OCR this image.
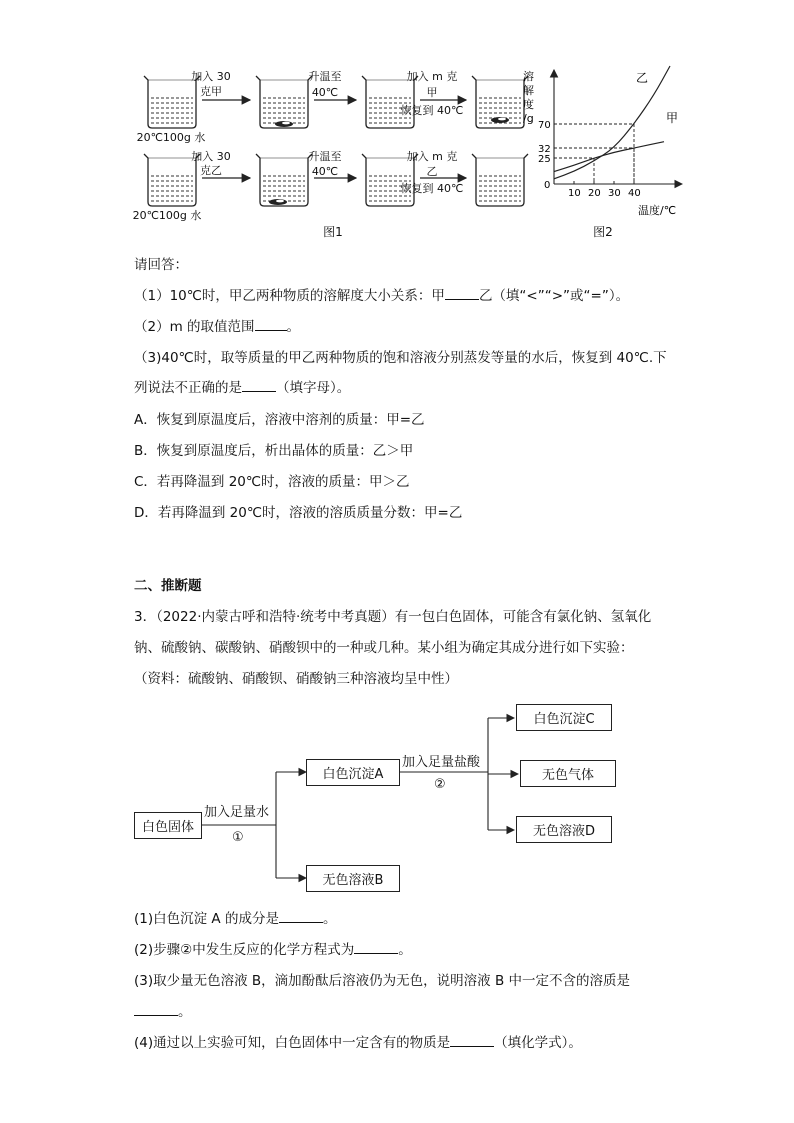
加入 30
克甲
升温至
40℃
加入 m 克
甲
恢复到 40℃
20℃100g 水
加入 30
克乙
升温至
40℃
加入 m 克
乙
恢复到 40℃
20℃100g 水
图1
0
10 20 30 40
25
32
70
乙
甲
溶
解
度
/g
温度/℃
图2
请回答：
（1）10℃时，甲乙两种物质的溶解度大小关系：甲	乙（填“<”“>”或“=”）。
（2）m 的取值范围 。
（3)40℃时，取等质量的甲乙两种物质的饱和溶液分别蒸发等量的水后，恢复到 40℃.下
列说法不正确的是	（填字母）。
A．恢复到原温度后，溶液中溶剂的质量：甲=乙
B．恢复到原温度后，析出晶体的质量：乙＞甲
C．若再降温到 20℃时，溶液的质量：甲＞乙
D．若再降温到 20℃时，溶液的溶质质量分数：甲=乙
二、推断题
3．（2022·内蒙古呼和浩特·统考中考真题）有一包白色固体，可能含有氯化钠、氢氧化
钠、硫酸钠、碳酸钠、硝酸钡中的一种或几种。某小组为确定其成分进行如下实验：
（资料：硫酸钠、硝酸钡、硝酸钠三种溶液均呈中性）
白色固体
加入足量水
①
白色沉淀A
无色溶液B
加入足量盐酸
②
白色沉淀C
无色气体
无色溶液D
(1)白色沉淀 A 的成分是	。
(2)步骤②中发生反应的化学方程式为	。
(3)取少量无色溶液 B，滴加酚酞后溶液仍为无色，说明溶液 B 中一定不含的溶质是
。
(4)通过以上实验可知，白色固体中一定含有的物质是	（填化学式）。
